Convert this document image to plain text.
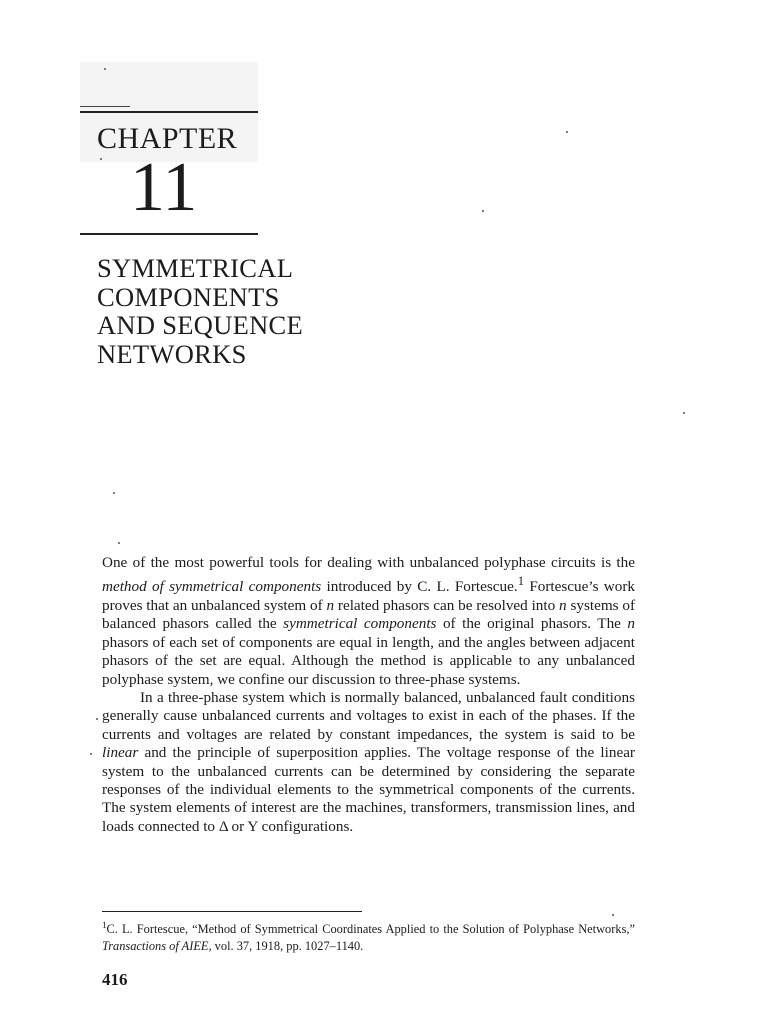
CHAPTER
11
SYMMETRICAL
COMPONENTS
AND SEQUENCE
NETWORKS

One of the most powerful tools for dealing with unbalanced polyphase circuits is the method of symmetrical components introduced by C. L. Fortescue.$^1$ Fortescue’s work proves that an unbalanced system of n related phasors can be resolved into n systems of balanced phasors called the symmetrical components of the original phasors. The n phasors of each set of components are equal in length, and the angles between adjacent phasors of the set are equal. Although the method is applicable to any unbalanced polyphase system, we confine our discussion to three-phase systems.

In a three-phase system which is normally balanced, unbalanced fault conditions generally cause unbalanced currents and voltages to exist in each of the phases. If the currents and voltages are related by constant impedances, the system is said to be linear and the principle of superposition applies. The voltage response of the linear system to the unbalanced currents can be determined by considering the separate responses of the individual elements to the symmetrical components of the currents. The system elements of interest are the machines, transformers, transmission lines, and loads connected to Δ or Y configurations.

$^1$C. L. Fortescue, “Method of Symmetrical Coordinates Applied to the Solution of Polyphase Networks,” Transactions of AIEE, vol. 37, 1918, pp. 1027–1140.
416
